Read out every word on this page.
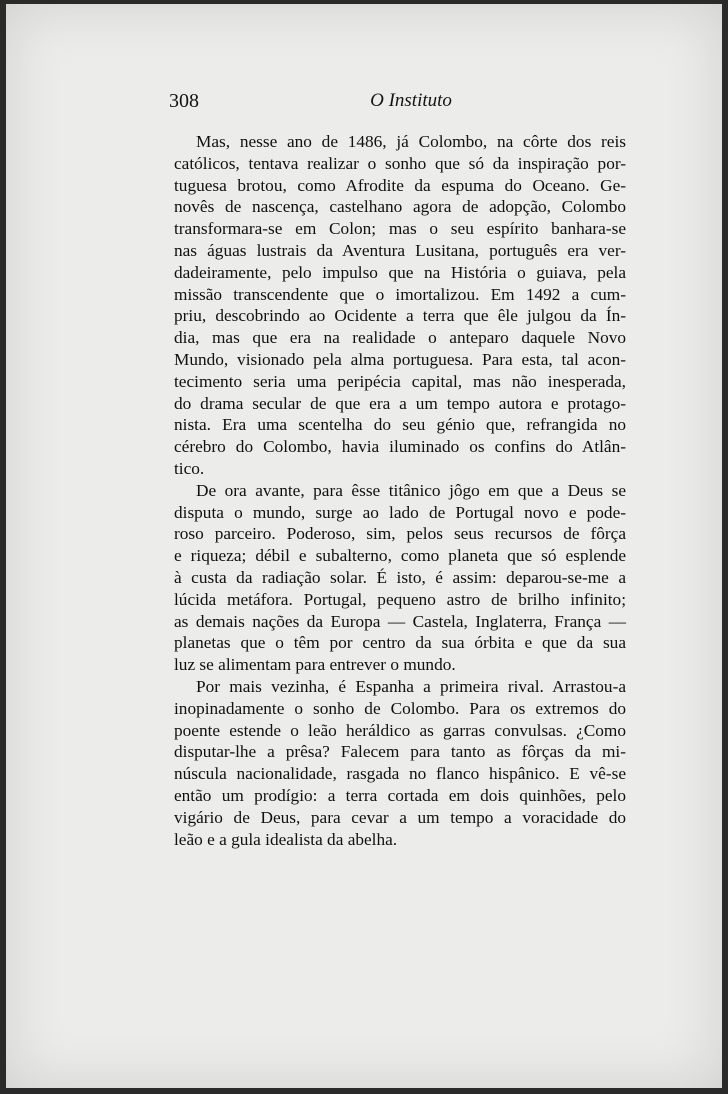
308	O Instituto
Mas, nesse ano de 1486, já Colombo, na côrte dos reis
católicos, tentava realizar o sonho que só da inspiração por-
tuguesa brotou, como Afrodite da espuma do Oceano. Ge-
novês de nascença, castelhano agora de adopção, Colombo
transformara-se em Colon; mas o seu espírito banhara-se
nas águas lustrais da Aventura Lusitana, português era ver-
dadeiramente, pelo impulso que na História o guiava, pela
missão transcendente que o imortalizou. Em 1492 a cum-
priu, descobrindo ao Ocidente a terra que êle julgou da Ín-
dia, mas que era na realidade o anteparo daquele Novo
Mundo, visionado pela alma portuguesa. Para esta, tal acon-
tecimento seria uma peripécia capital, mas não inesperada,
do drama secular de que era a um tempo autora e protago-
nista. Era uma scentelha do seu génio que, refrangida no
cérebro do Colombo, havia iluminado os confins do Atlân-
tico.
De ora avante, para êsse titânico jôgo em que a Deus se
disputa o mundo, surge ao lado de Portugal novo e pode-
roso parceiro. Poderoso, sim, pelos seus recursos de fôrça
e riqueza; débil e subalterno, como planeta que só esplende
à custa da radiação solar. É isto, é assim: deparou-se-me a
lúcida metáfora. Portugal, pequeno astro de brilho infinito;
as demais nações da Europa — Castela, Inglaterra, França —
planetas que o têm por centro da sua órbita e que da sua
luz se alimentam para entrever o mundo.
Por mais vezinha, é Espanha a primeira rival. Arrastou-a
inopinadamente o sonho de Colombo. Para os extremos do
poente estende o leão heráldico as garras convulsas. ¿Como
disputar-lhe a prêsa? Falecem para tanto as fôrças da mi-
núscula nacionalidade, rasgada no flanco hispânico. E vê-se
então um prodígio: a terra cortada em dois quinhões, pelo
vigário de Deus, para cevar a um tempo a voracidade do
leão e a gula idealista da abelha.
